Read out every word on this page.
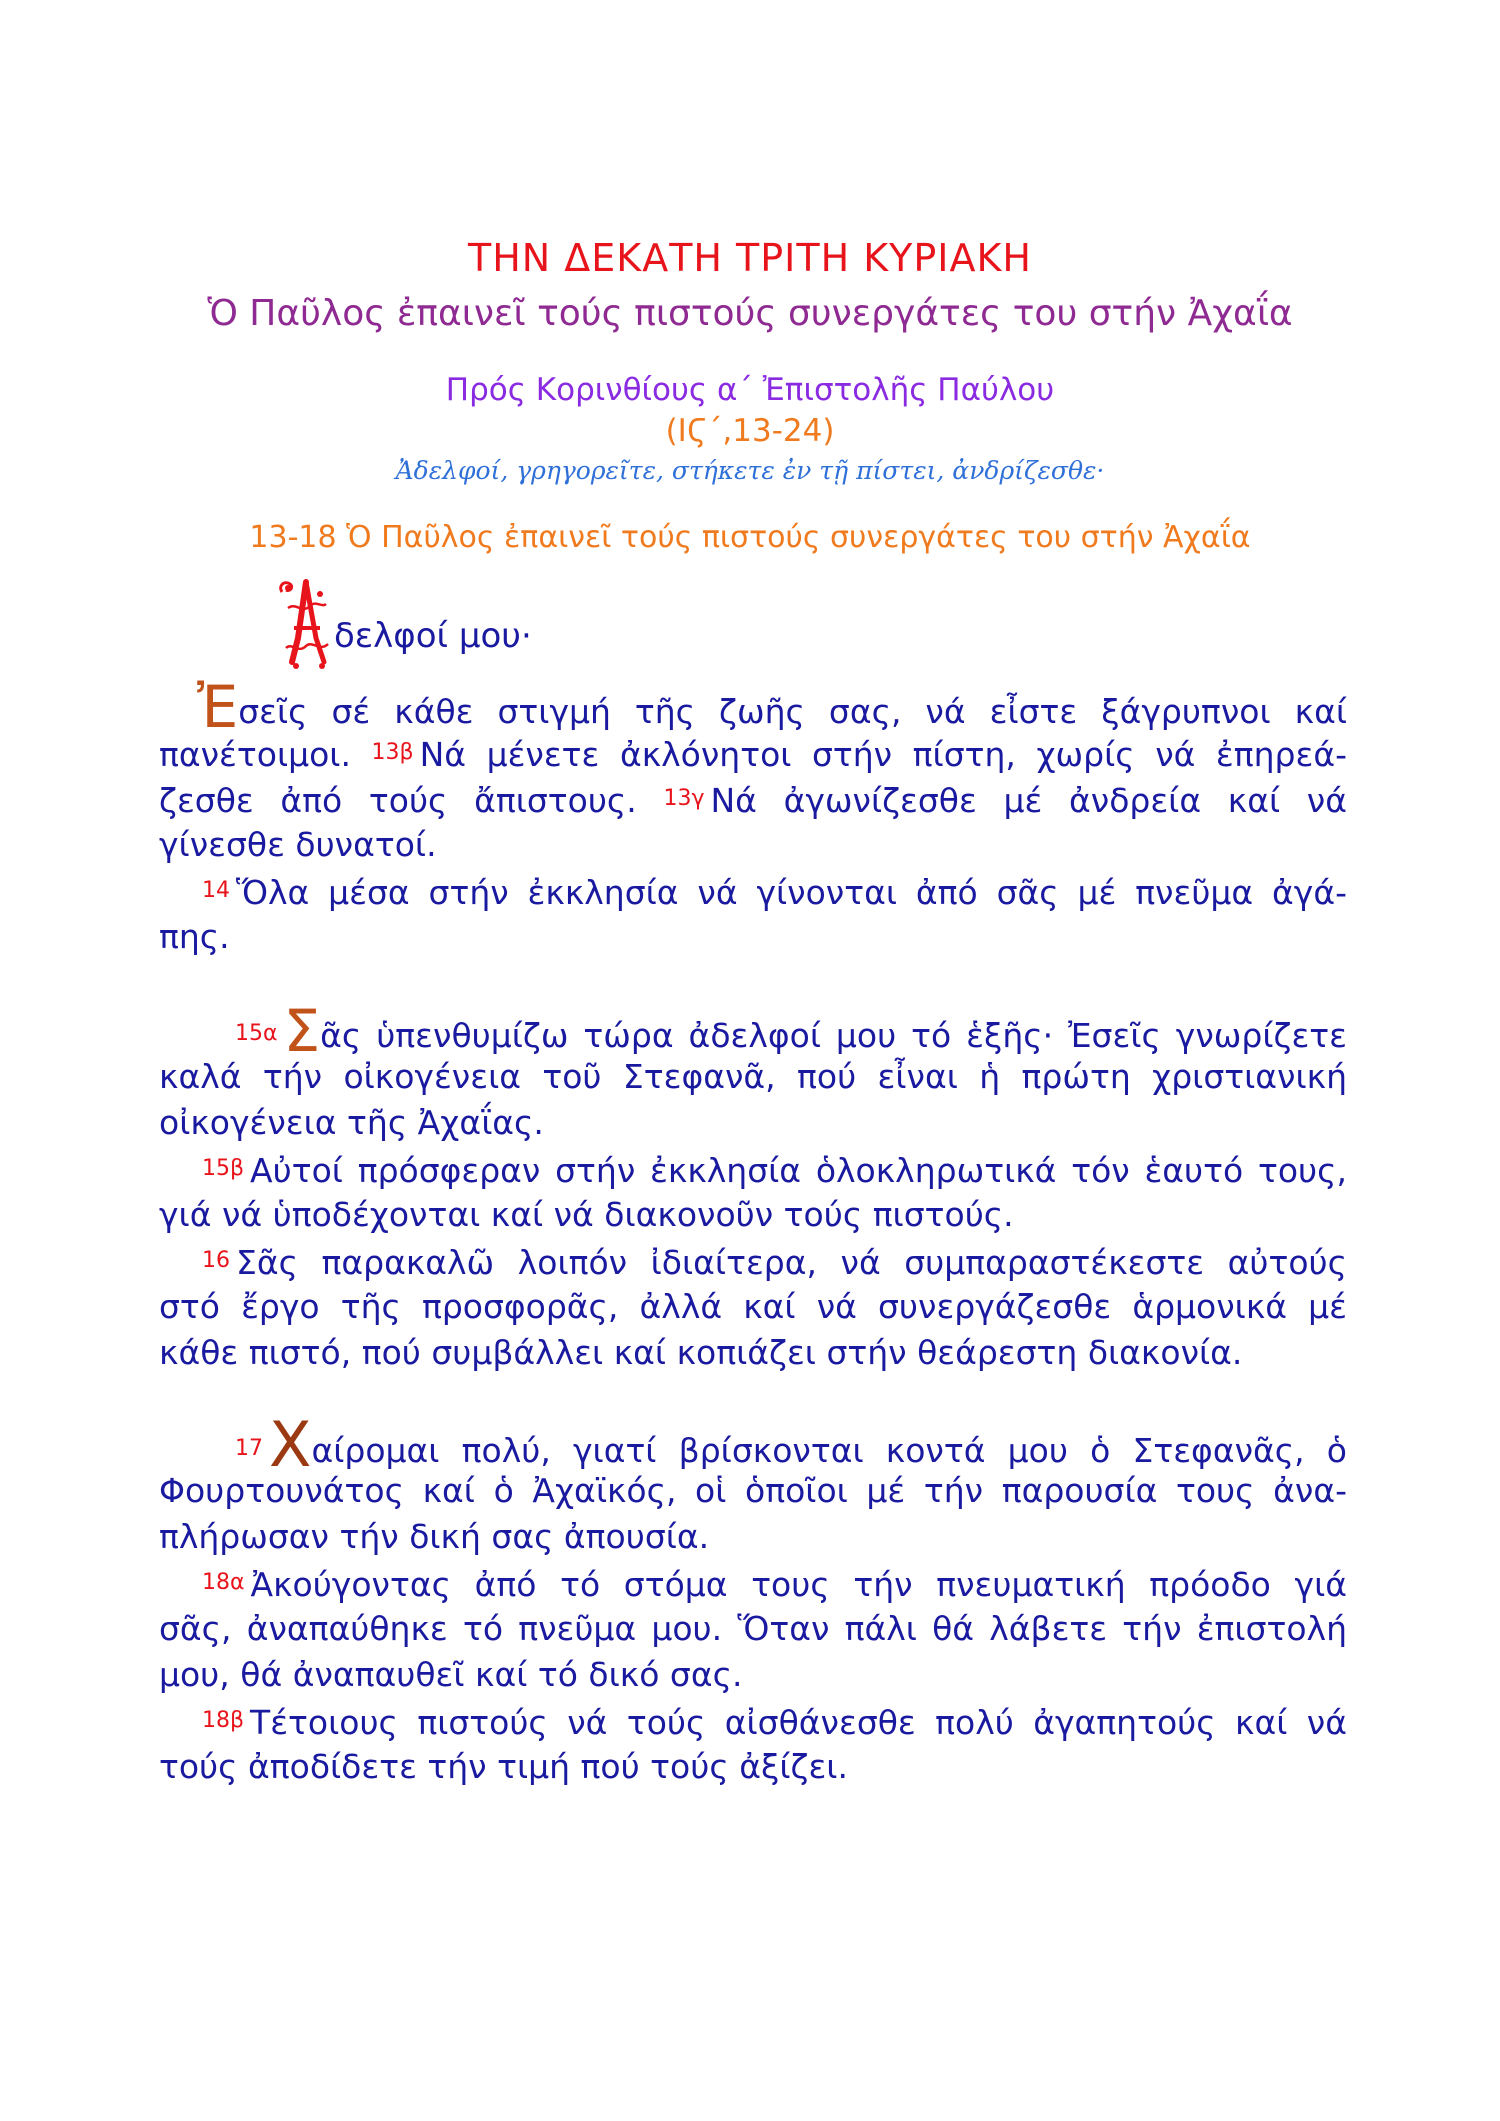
ΤΗΝ ΔΕΚΑΤΗ ΤΡΙΤΗ ΚΥΡΙΑΚΗ
Ὁ Παῦλος ἐπαινεῖ τούς πιστούς συνεργάτες του στήν Ἀχαΐα
Πρός Κορινθίους α΄ Ἐπιστολῆς Παύλου
(ΙϚ΄,13-24)
Ἀδελφοί, γρηγορεῖτε, στήκετε ἐν τῇ πίστει, ἀνδρίζεσθε·
13-18 Ὁ Παῦλος ἐπαινεῖ τούς πιστούς συνεργάτες του στήν Ἀχαΐα
δελφοί μου·
Ἐσεῖς σέ κάθε στιγμή τῆς ζωῆς σας, νά εἶστε ξάγρυπνοι καί
πανέτοιμοι. $^{13\beta}$ Νά μένετε ἀκλόνητοι στήν πίστη, χωρίς νά ἐπηρεά-
ζεσθε ἀπό τούς ἄπιστους. $^{13\gamma}$ Νά ἀγωνίζεσθε μέ ἀνδρεία καί νά
γίνεσθε δυνατοί.
$^{14}$ Ὅλα μέσα στήν ἐκκλησία νά γίνονται ἀπό σᾶς μέ πνεῦμα ἀγά-
πης.
$^{15\alpha}$ Σᾶς ὑπενθυμίζω τώρα ἀδελφοί μου τό ἑξῆς· Ἐσεῖς γνωρίζετε
καλά τήν οἰκογένεια τοῦ Στεφανᾶ, πού εἶναι ἡ πρώτη χριστιανική
οἰκογένεια τῆς Ἀχαΐας.
$^{15\beta}$ Αὐτοί πρόσφεραν στήν ἐκκλησία ὁλοκληρωτικά τόν ἑαυτό τους,
γιά νά ὑποδέχονται καί νά διακονοῦν τούς πιστούς.
$^{16}$ Σᾶς παρακαλῶ λοιπόν ἰδιαίτερα, νά συμπαραστέκεστε αὐτούς
στό ἔργο τῆς προσφορᾶς, ἀλλά καί νά συνεργάζεσθε ἁρμονικά μέ
κάθε πιστό, πού συμβάλλει καί κοπιάζει στήν θεάρεστη διακονία.
$^{17}$Χαίρομαι πολύ, γιατί βρίσκονται κοντά μου ὁ Στεφανᾶς, ὁ
Φουρτουνάτος καί ὁ Ἀχαϊκός, οἱ ὁποῖοι μέ τήν παρουσία τους ἀνα-
πλήρωσαν τήν δική σας ἀπουσία.
$^{18\alpha}$ Ἀκούγοντας ἀπό τό στόμα τους τήν πνευματική πρόοδο γιά
σᾶς, ἀναπαύθηκε τό πνεῦμα μου. Ὅταν πάλι θά λάβετε τήν ἐπιστολή
μου, θά ἀναπαυθεῖ καί τό δικό σας.
$^{18\beta}$ Τέτοιους πιστούς νά τούς αἰσθάνεσθε πολύ ἀγαπητούς καί νά
τούς ἀποδίδετε τήν τιμή πού τούς ἀξίζει.
